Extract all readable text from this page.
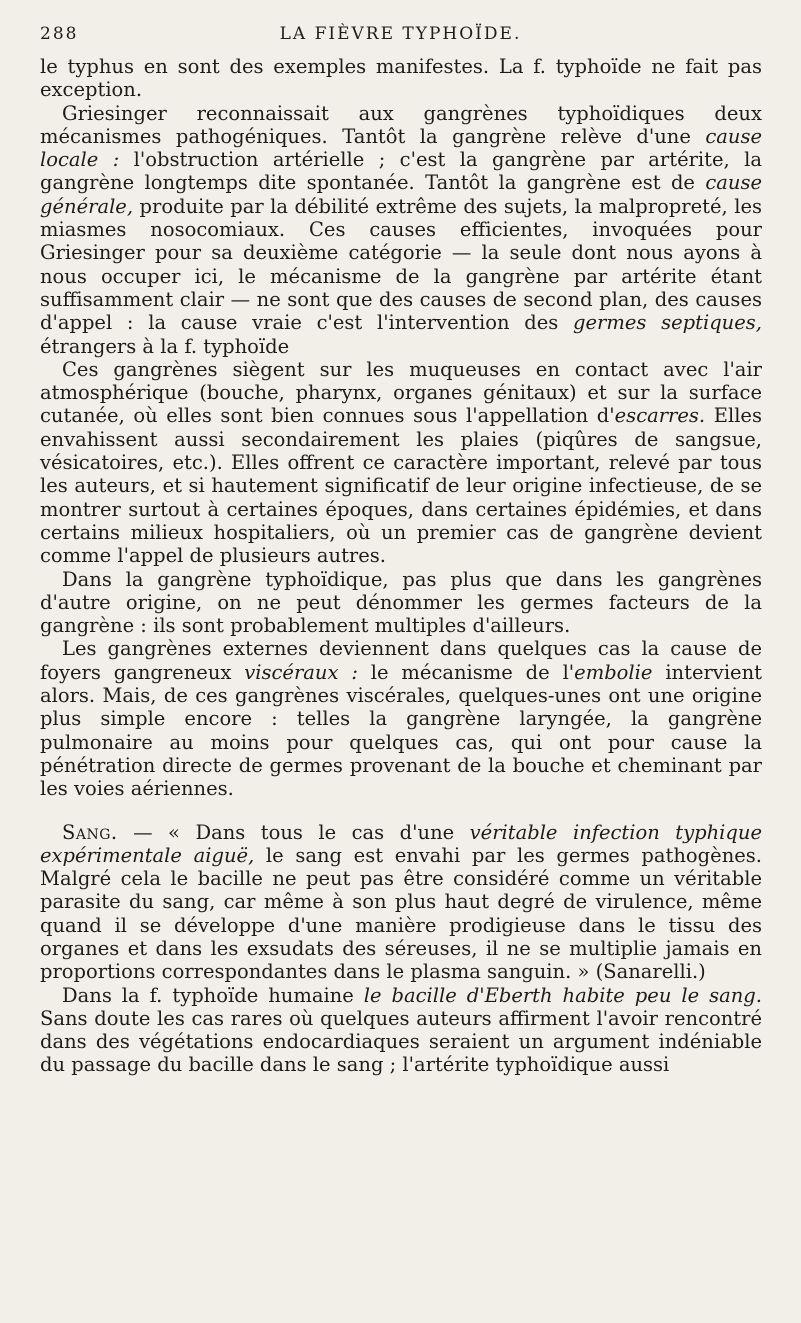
288	LA FIÈVRE TYPHOÏDE.

le typhus en sont des exemples manifestes. La f. typhoïde ne fait pas exception.

Griesinger reconnaissait aux gangrènes typhoïdiques deux mécanismes pathogéniques. Tantôt la gangrène relève d'une cause locale : l'obstruction artérielle ; c'est la gangrène par artérite, la gangrène longtemps dite spontanée. Tantôt la gangrène est de cause générale, produite par la débilité extrême des sujets, la malpropreté, les miasmes nosocomiaux. Ces causes efficientes, invoquées pour Griesinger pour sa deuxième catégorie — la seule dont nous ayons à nous occuper ici, le mécanisme de la gangrène par artérite étant suffisamment clair — ne sont que des causes de second plan, des causes d'appel : la cause vraie c'est l'intervention des germes septiques, étrangers à la f. typhoïde

Ces gangrènes siègent sur les muqueuses en contact avec l'air atmosphérique (bouche, pharynx, organes génitaux) et sur la surface cutanée, où elles sont bien connues sous l'appellation d'escarres. Elles envahissent aussi secondairement les plaies (piqûres de sangsue, vésicatoires, etc.). Elles offrent ce caractère important, relevé par tous les auteurs, et si hautement significatif de leur origine infectieuse, de se montrer surtout à certaines époques, dans certaines épidémies, et dans certains milieux hospitaliers, où un premier cas de gangrène devient comme l'appel de plusieurs autres.

Dans la gangrène typhoïdique, pas plus que dans les gangrènes d'autre origine, on ne peut dénommer les germes facteurs de la gangrène : ils sont probablement multiples d'ailleurs.

Les gangrènes externes deviennent dans quelques cas la cause de foyers gangreneux viscéraux : le mécanisme de l'embolie intervient alors. Mais, de ces gangrènes viscérales, quelques-unes ont une origine plus simple encore : telles la gangrène laryngée, la gangrène pulmonaire au moins pour quelques cas, qui ont pour cause la pénétration directe de germes provenant de la bouche et cheminant par les voies aériennes.

Sang. — « Dans tous le cas d'une véritable infection typhique expérimentale aiguë, le sang est envahi par les germes pathogènes. Malgré cela le bacille ne peut pas être considéré comme un véritable parasite du sang, car même à son plus haut degré de virulence, même quand il se développe d'une manière prodigieuse dans le tissu des organes et dans les exsudats des séreuses, il ne se multiplie jamais en proportions correspondantes dans le plasma sanguin. » (Sanarelli.)

Dans la f. typhoïde humaine le bacille d'Eberth habite peu le sang. Sans doute les cas rares où quelques auteurs affirment l'avoir rencontré dans des végétations endocardiaques seraient un argument indéniable du passage du bacille dans le sang ; l'artérite typhoïdique aussi
